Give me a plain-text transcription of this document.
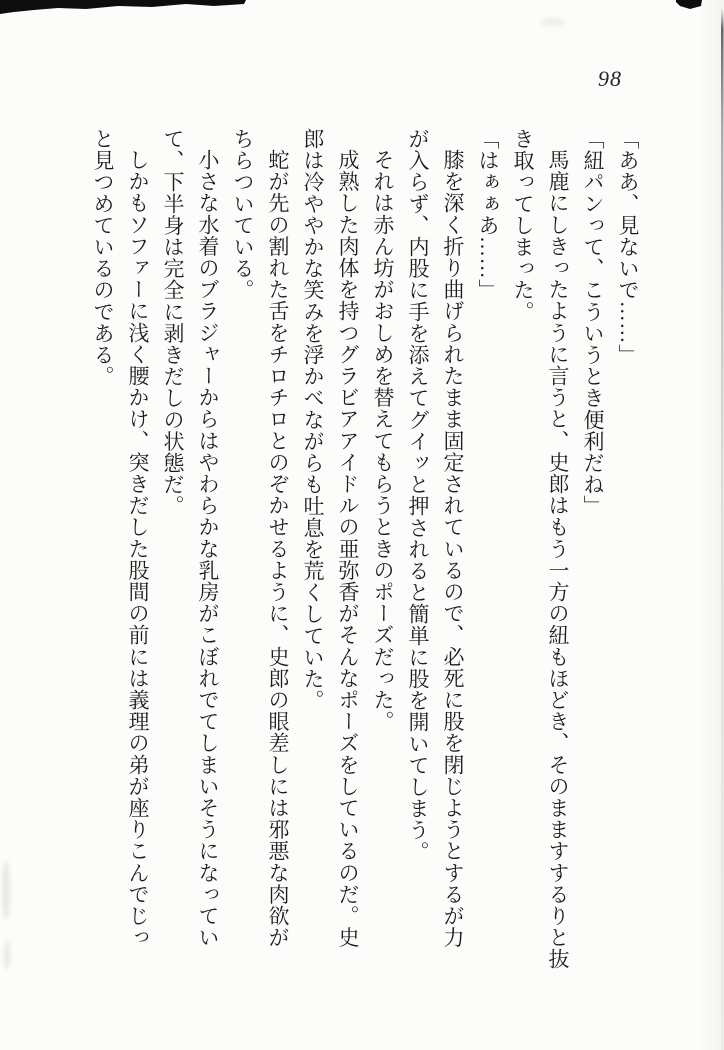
98
「ああ、見ないで……」
「紐パンって、こういうとき便利だね」
馬鹿にしきったように言うと、史郎はもう一方の紐もほどき、そのまますするりと抜
き取ってしまった。
「はぁぁあ……」
膝を深く折り曲げられたまま固定されているので、必死に股を閉じようとするが力
が入らず、内股に手を添えてグイッと押されると簡単に股を開いてしまう。
それは赤ん坊がおしめを替えてもらうときのポーズだった。
成熟した肉体を持つグラビアアイドルの亜弥香がそんなポーズをしているのだ。史
郎は冷ややかな笑みを浮かべながらも吐息を荒くしていた。
蛇が先の割れた舌をチロチロとのぞかせるように、史郎の眼差しには邪悪な肉欲が
ちらついている。
小さな水着のブラジャーからはやわらかな乳房がこぼれでてしまいそうになってい
て、下半身は完全に剥きだしの状態だ。
しかもソファーに浅く腰かけ、突きだした股間の前には義理の弟が座りこんでじっ
と見つめているのである。
